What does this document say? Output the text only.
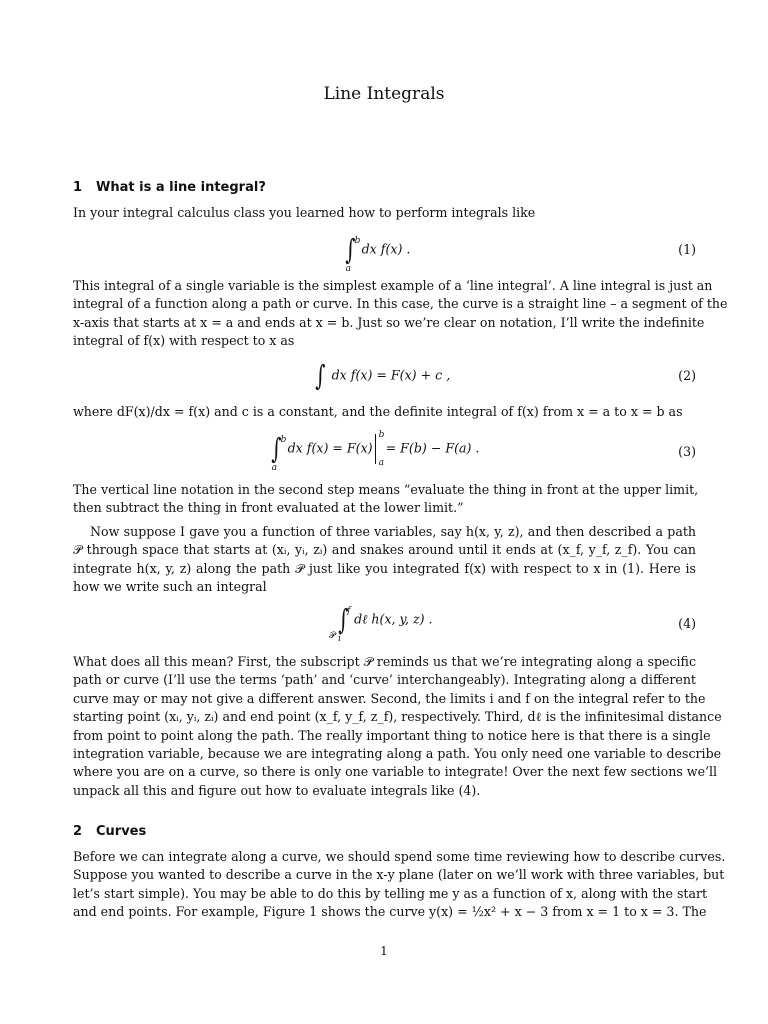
Line Integrals
1 What is a line integral?

In your integral calculus class you learned how to perform integrals like

∫ b
a
dx f(x) .	(1)

This integral of a single variable is the simplest example of a ‘line integral’. A line integral is just an
integral of a function along a path or curve. In this case, the curve is a straight line – a segment of the
x-axis that starts at x = a and ends at x = b. Just so we’re clear on notation, I’ll write the indefinite
integral of f(x) with respect to x as

∫ dx f(x) = F(x) + c ,	(2)

where dF(x)/dx = f(x) and c is a constant, and the definite integral of f(x) from x = a to x = b as

∫ b
a
dx f(x) = F(x)
b
a
= F(b) − F(a) .	(3)

The vertical line notation in the second step means “evaluate the thing in front at the upper limit,
then subtract the thing in front evaluated at the lower limit.”

Now suppose I gave you a function of three variables, say h(x, y, z), and then described a path
𝒫 through space that starts at (xᵢ, yᵢ, zᵢ) and snakes around until it ends at (x_f, y_f, z_f). You can
integrate h(x, y, z) along the path 𝒫 just like you integrated f(x) with respect to x in (1). Here is
how we write such an integral

$_𝒫$∫ f
i
dℓ h(x, y, z) .	(4)

What does all this mean? First, the subscript 𝒫 reminds us that we’re integrating along a specific
path or curve (I’ll use the terms ‘path’ and ‘curve’ interchangeably). Integrating along a different
curve may or may not give a different answer. Second, the limits i and f on the integral refer to the
starting point (xᵢ, yᵢ, zᵢ) and end point (x_f, y_f, z_f), respectively. Third, dℓ is the infinitesimal distance
from point to point along the path. The really important thing to notice here is that there is a single
integration variable, because we are integrating along a path. You only need one variable to describe
where you are on a curve, so there is only one variable to integrate! Over the next few sections we’ll
unpack all this and figure out how to evaluate integrals like (4).

2 Curves

Before we can integrate along a curve, we should spend some time reviewing how to describe curves.
Suppose you wanted to describe a curve in the x-y plane (later on we’ll work with three variables, but
let’s start simple). You may be able to do this by telling me y as a function of x, along with the start
and end points. For example, Figure 1 shows the curve y(x) = ½x² + x − 3 from x = 1 to x = 3. The

1
